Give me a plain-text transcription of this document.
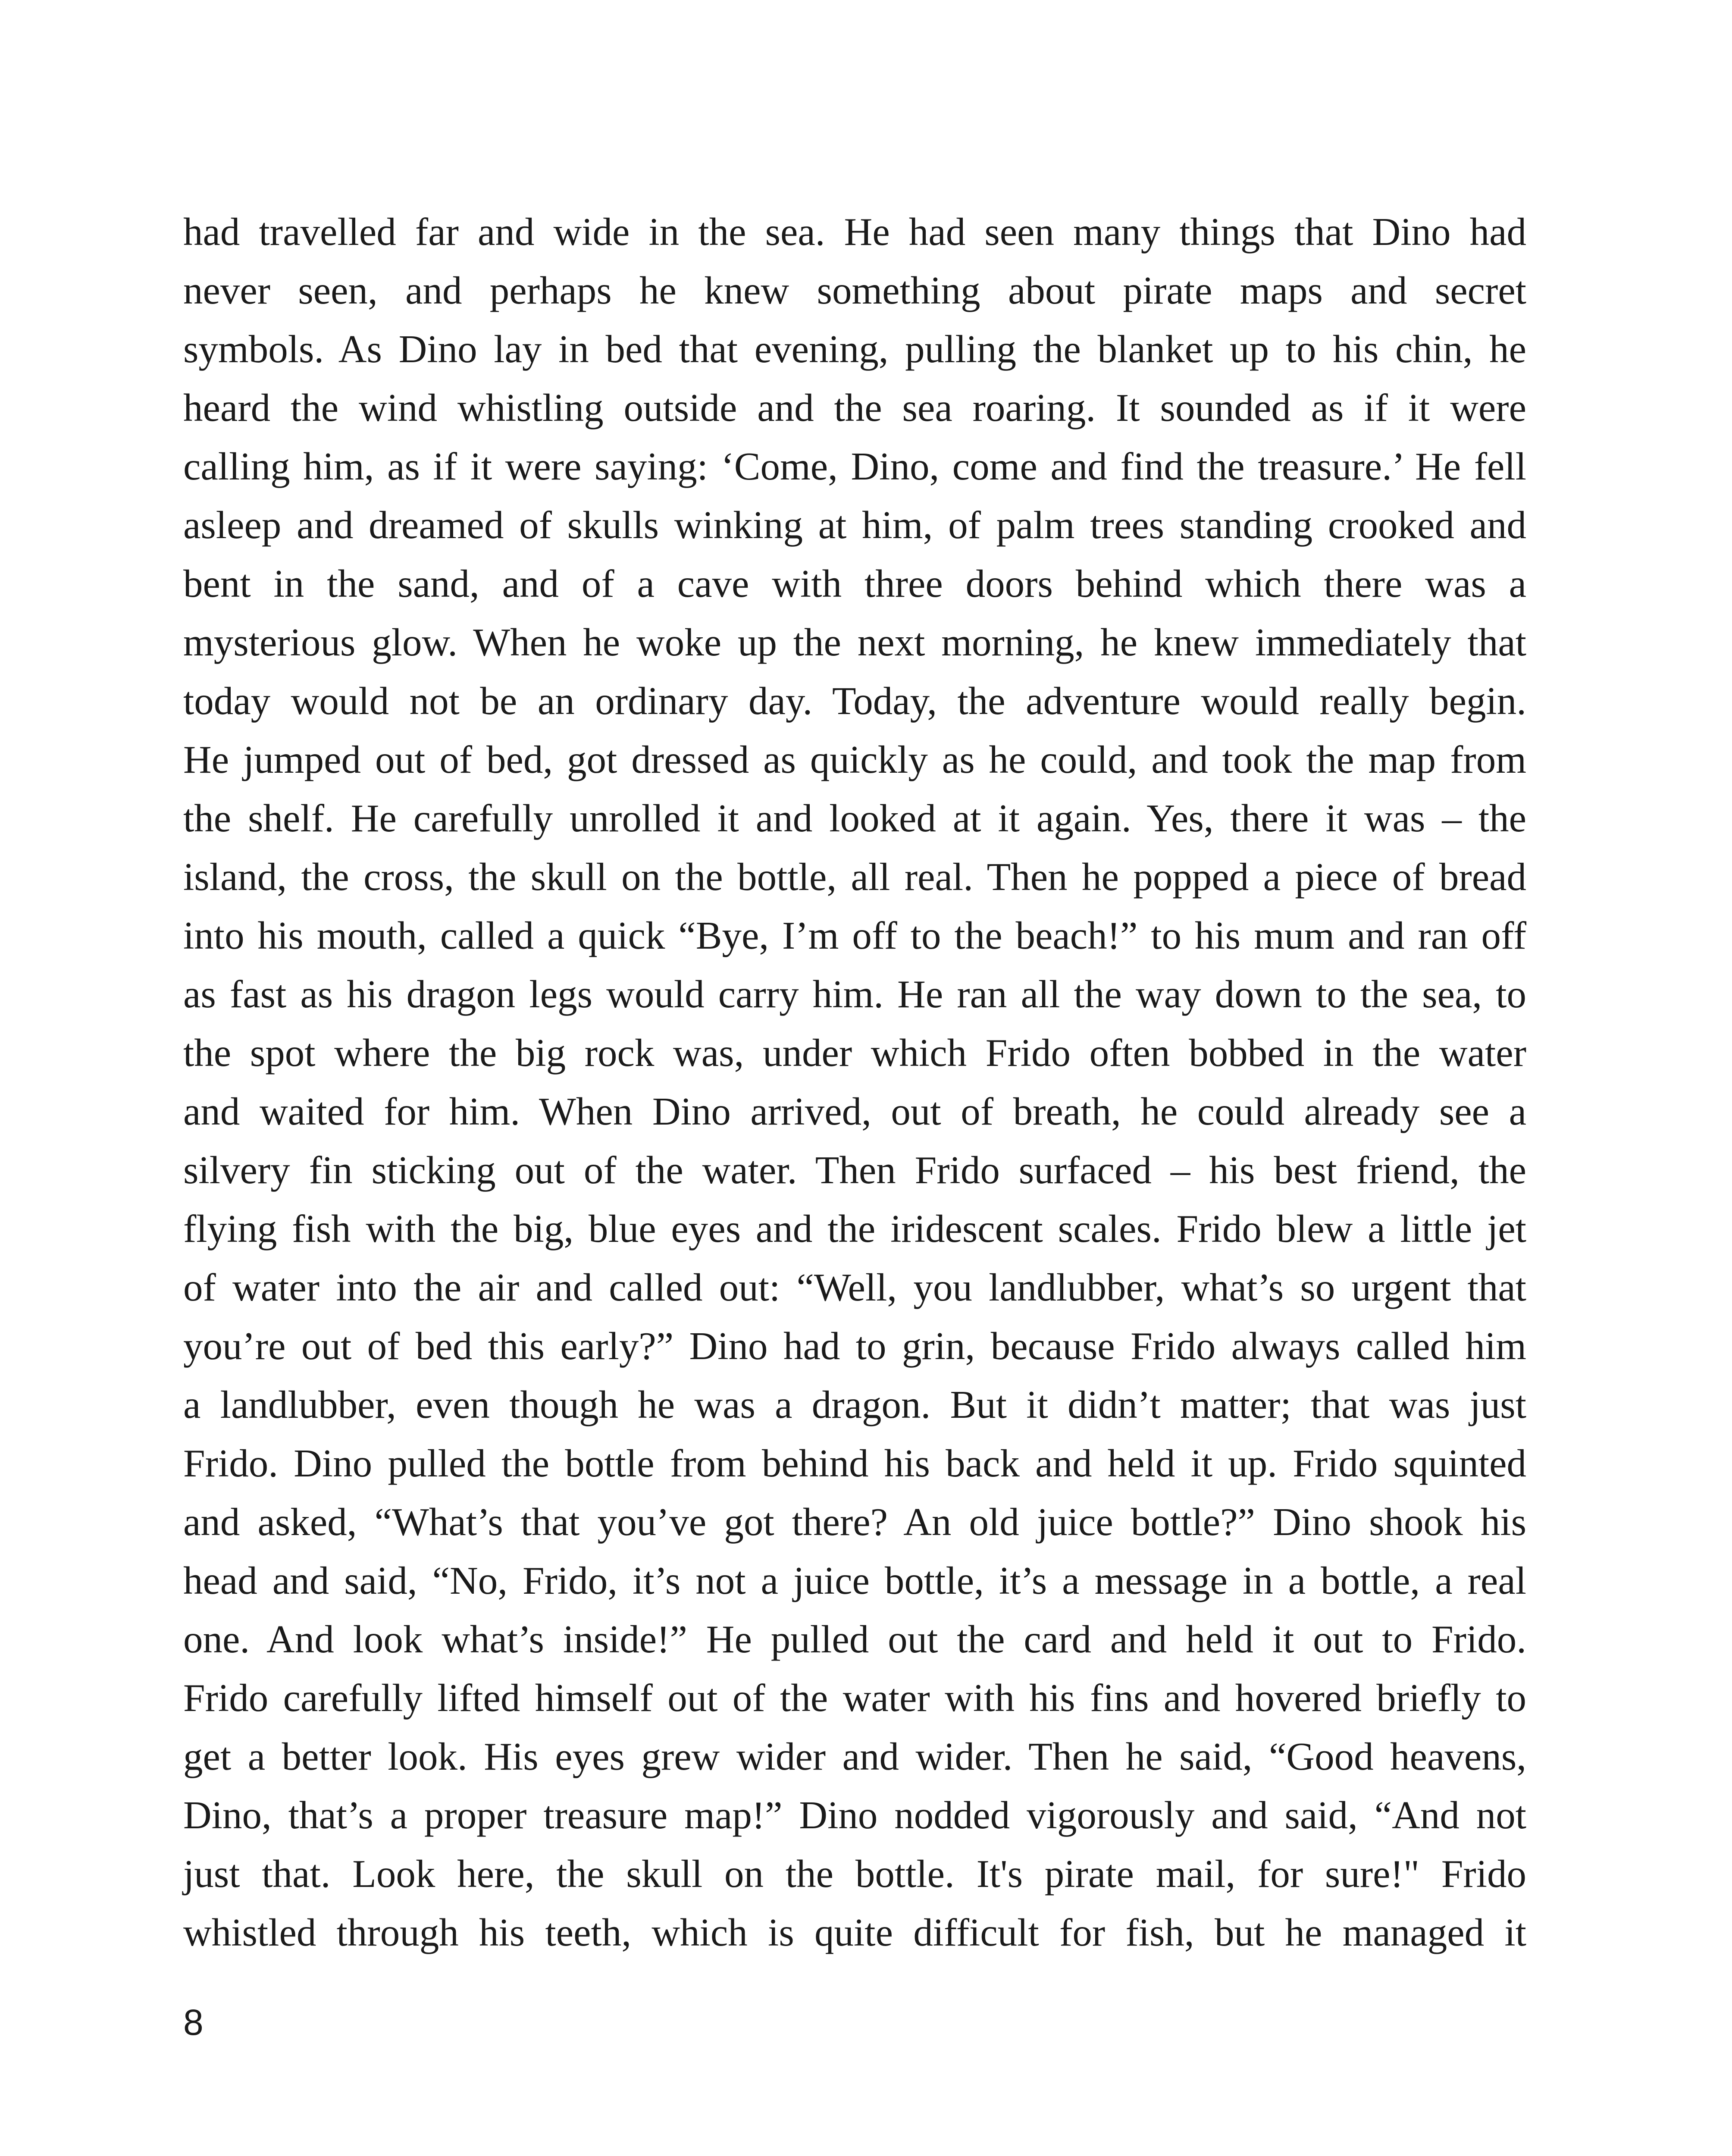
had travelled far and wide in the sea. He had seen many things that Dino had
never seen, and perhaps he knew something about pirate maps and secret
symbols. As Dino lay in bed that evening, pulling the blanket up to his chin, he
heard the wind whistling outside and the sea roaring. It sounded as if it were
calling him, as if it were saying: ‘Come, Dino, come and find the treasure.’ He fell
asleep and dreamed of skulls winking at him, of palm trees standing crooked and
bent in the sand, and of a cave with three doors behind which there was a
mysterious glow. When he woke up the next morning, he knew immediately that
today would not be an ordinary day. Today, the adventure would really begin.
He jumped out of bed, got dressed as quickly as he could, and took the map from
the shelf. He carefully unrolled it and looked at it again. Yes, there it was – the
island, the cross, the skull on the bottle, all real. Then he popped a piece of bread
into his mouth, called a quick “Bye, I’m off to the beach!” to his mum and ran off
as fast as his dragon legs would carry him. He ran all the way down to the sea, to
the spot where the big rock was, under which Frido often bobbed in the water
and waited for him. When Dino arrived, out of breath, he could already see a
silvery fin sticking out of the water. Then Frido surfaced – his best friend, the
flying fish with the big, blue eyes and the iridescent scales. Frido blew a little jet
of water into the air and called out: “Well, you landlubber, what’s so urgent that
you’re out of bed this early?” Dino had to grin, because Frido always called him
a landlubber, even though he was a dragon. But it didn’t matter; that was just
Frido. Dino pulled the bottle from behind his back and held it up. Frido squinted
and asked, “What’s that you’ve got there? An old juice bottle?” Dino shook his
head and said, “No, Frido, it’s not a juice bottle, it’s a message in a bottle, a real
one. And look what’s inside!” He pulled out the card and held it out to Frido.
Frido carefully lifted himself out of the water with his fins and hovered briefly to
get a better look. His eyes grew wider and wider. Then he said, “Good heavens,
Dino, that’s a proper treasure map!” Dino nodded vigorously and said, “And not
just that. Look here, the skull on the bottle. It's pirate mail, for sure!" Frido
whistled through his teeth, which is quite difficult for fish, but he managed it
8
